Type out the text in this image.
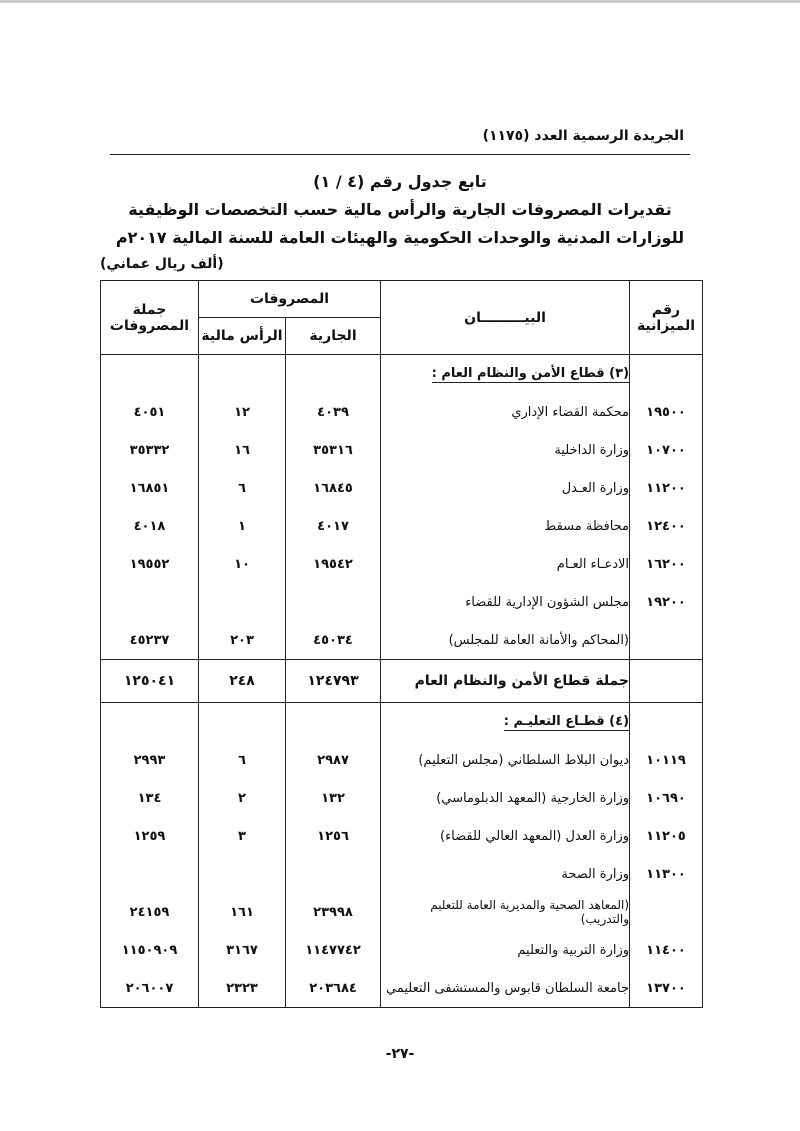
الجريدة الرسمية العدد (١١٧٥)
تابع جدول رقم (٤ / ١)
تقديرات المصروفات الجارية والرأس مالية حسب التخصصات الوظيفية
للوزارات المدنية والوحدات الحكومية والهيئات العامة للسنة المالية ٢٠١٧م
(ألف ريال عماني)
رقم الميزانية	البيـــــــــان	المصروفات		جملة المصروفات
		الجارية	الرأس مالية	
	(٣) قطاع الأمن والنظام العام :			
١٩٥٠٠	محكمة القضاء الإداري	٤٠٣٩	١٢	٤٠٥١
١٠٧٠٠	وزارة الداخلية	٣٥٣١٦	١٦	٣٥٣٣٢
١١٢٠٠	وزارة العـدل	١٦٨٤٥	٦	١٦٨٥١
١٢٤٠٠	محافظة مسقط	٤٠١٧	١	٤٠١٨
١٦٢٠٠	الادعـاء العـام	١٩٥٤٢	١٠	١٩٥٥٢
١٩٢٠٠	مجلس الشؤون الإدارية للقضاء			
	(المحاكم والأمانة العامة للمجلس)	٤٥٠٣٤	٢٠٣	٤٥٢٣٧
	جملة قطاع الأمن والنظام العام	١٢٤٧٩٣	٢٤٨	١٢٥٠٤١
	(٤) قطـاع التعليـم :			
١٠١١٩	ديوان البلاط السلطاني (مجلس التعليم)	٢٩٨٧	٦	٢٩٩٣
١٠٦٩٠	وزارة الخارجية (المعهد الدبلوماسي)	١٣٢	٢	١٣٤
١١٢٠٥	وزارة العدل (المعهد العالي للقضاء)	١٢٥٦	٣	١٢٥٩
١١٣٠٠	وزارة الصحة			

	(المعاهد الصحية والمديرية العامة للتعليم والتدريب)	٢٣٩٩٨	١٦١	٢٤١٥٩
١١٤٠٠	وزارة التربية والتعليم	١١٤٧٧٤٢	٣١٦٧	١١٥٠٩٠٩
١٣٧٠٠	جامعة السلطان قابوس والمستشفى التعليمي	٢٠٣٦٨٤	٢٣٢٣	٢٠٦٠٠٧
-٢٧-
